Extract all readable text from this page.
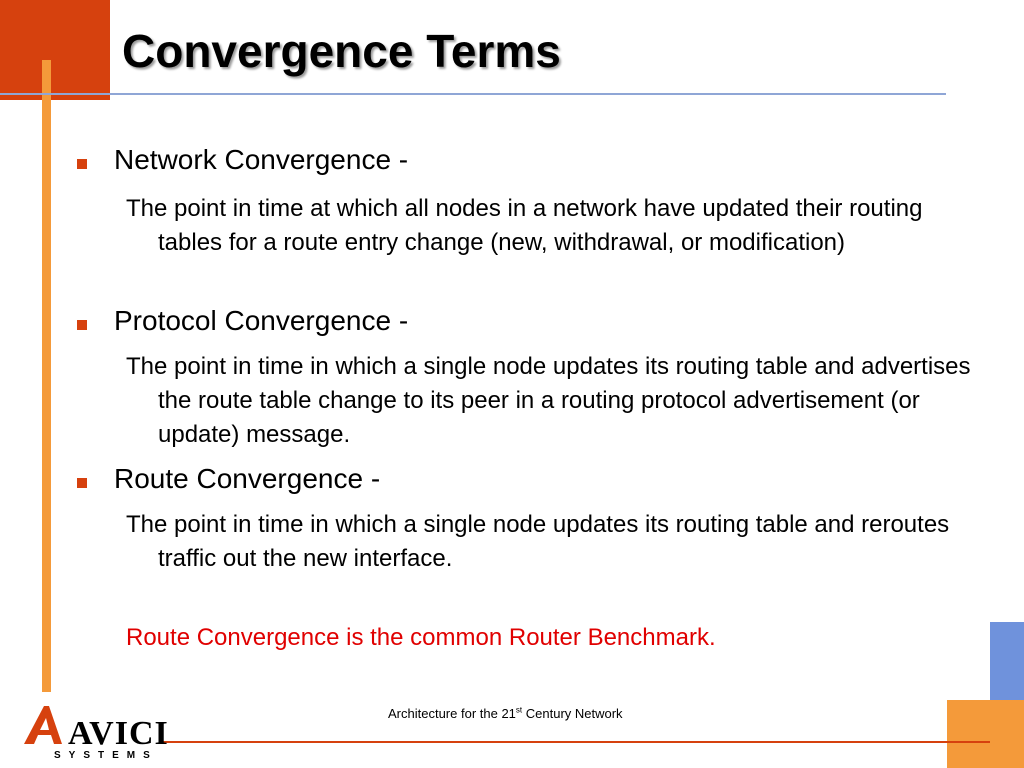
Convergence Terms

Network Convergence -

The point in time at which all nodes in a network have updated their routing tables for a route entry change (new, withdrawal, or modification)

Protocol Convergence -

The point in time in which a single node updates its routing table and advertises the route table change to its peer in a routing protocol advertisement (or update) message.

Route Convergence -

The point in time in which a single node updates its routing table and reroutes traffic out the new interface.

Route Convergence is the common Router Benchmark.

Architecture for the 21st Century Network

AVICI
SYSTEMS
